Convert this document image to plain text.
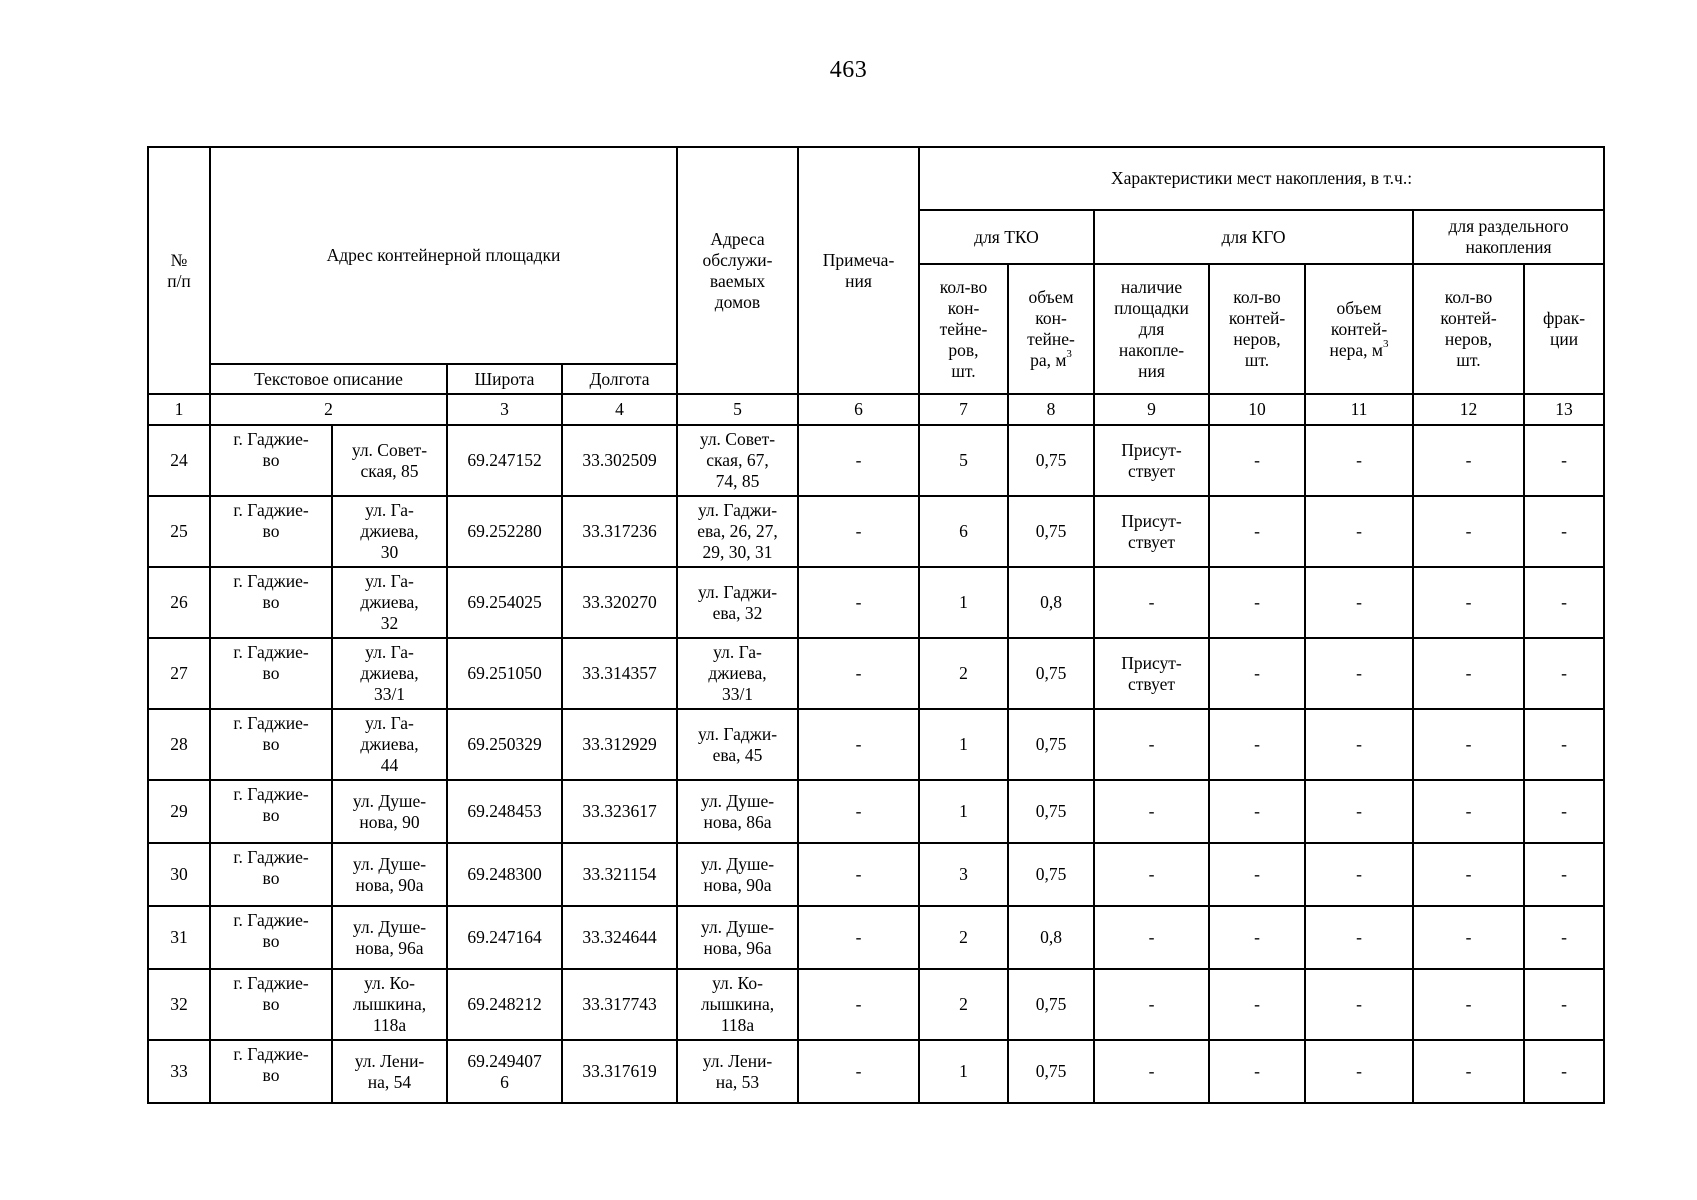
463
№
п/п	Адрес контейнерной площадки				Адреса
обслужи-
ваемых
домов	Примеча-
ния	Характеристики мест накопления, в т.ч.:						
							для ТКО		для КГО			для раздельного
накопления	
							кол-во
кон-
тейне-
ров,
шт.	объем
кон-
тейне-
ра, $м^3$	наличие
площадки
для
накопле-
ния	кол-во
контей-
неров,
шт.	объем
контей-
нера, $м^3$	кол-во
контей-
неров,
шт.	фрак-
ции
	Текстовое описание		Широта	Долгота									
1	2		3	4	5	6	7	8	9	10	11	12	13
24	г. Гаджие-
во	ул. Совет-
ская, 85	69.247152	33.302509	ул. Совет-
ская, 67,
74, 85	-	5	0,75	Присут-
ствует	-	-	-	-
25	г. Гаджие-
во	ул. Га-
джиева,
30	69.252280	33.317236	ул. Гаджи-
ева, 26, 27,
29, 30, 31	-	6	0,75	Присут-
ствует	-	-	-	-
26	г. Гаджие-
во	ул. Га-
джиева,
32	69.254025	33.320270	ул. Гаджи-
ева, 32	-	1	0,8	-	-	-	-	-
27	г. Гаджие-
во	ул. Га-
джиева,
33/1	69.251050	33.314357	ул. Га-
джиева,
33/1	-	2	0,75	Присут-
ствует	-	-	-	-
28	г. Гаджие-
во	ул. Га-
джиева,
44	69.250329	33.312929	ул. Гаджи-
ева, 45	-	1	0,75	-	-	-	-	-
29	г. Гаджие-
во	ул. Душе-
нова, 90	69.248453	33.323617	ул. Душе-
нова, 86а	-	1	0,75	-	-	-	-	-
30	г. Гаджие-
во	ул. Душе-
нова, 90а	69.248300	33.321154	ул. Душе-
нова, 90а	-	3	0,75	-	-	-	-	-
31	г. Гаджие-
во	ул. Душе-
нова, 96а	69.247164	33.324644	ул. Душе-
нова, 96а	-	2	0,8	-	-	-	-	-
32	г. Гаджие-
во	ул. Ко-
лышкина,
118а	69.248212	33.317743	ул. Ко-
лышкина,
118а	-	2	0,75	-	-	-	-	-
33	г. Гаджие-
во	ул. Лени-
на, 54	69.249407
6	33.317619	ул. Лени-
на, 53	-	1	0,75	-	-	-	-	-
